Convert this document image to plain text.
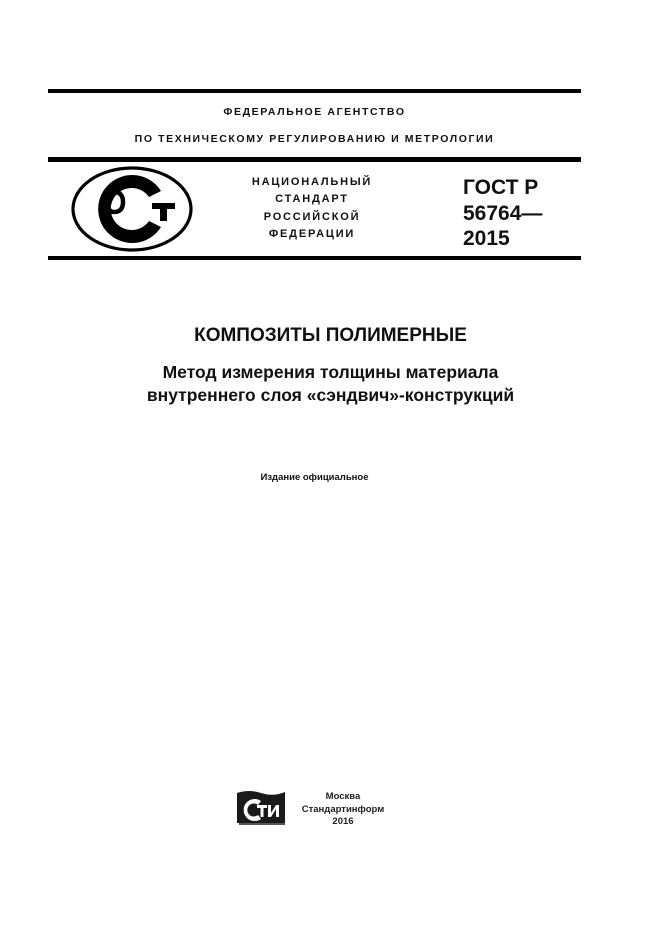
ФЕДЕРАЛЬНОЕ АГЕНТСТВО
ПО ТЕХНИЧЕСКОМУ РЕГУЛИРОВАНИЮ И МЕТРОЛОГИИ
НАЦИОНАЛЬНЫЙ
СТАНДАРТ
РОССИЙСКОЙ
ФЕДЕРАЦИИ
ГОСТ Р
56764—
2015
КОМПОЗИТЫ ПОЛИМЕРНЫЕ
Метод измерения толщины материала
внутреннего слоя «сэндвич»-конструкций
Издание официальное
Москва
Стандартинформ
2016
